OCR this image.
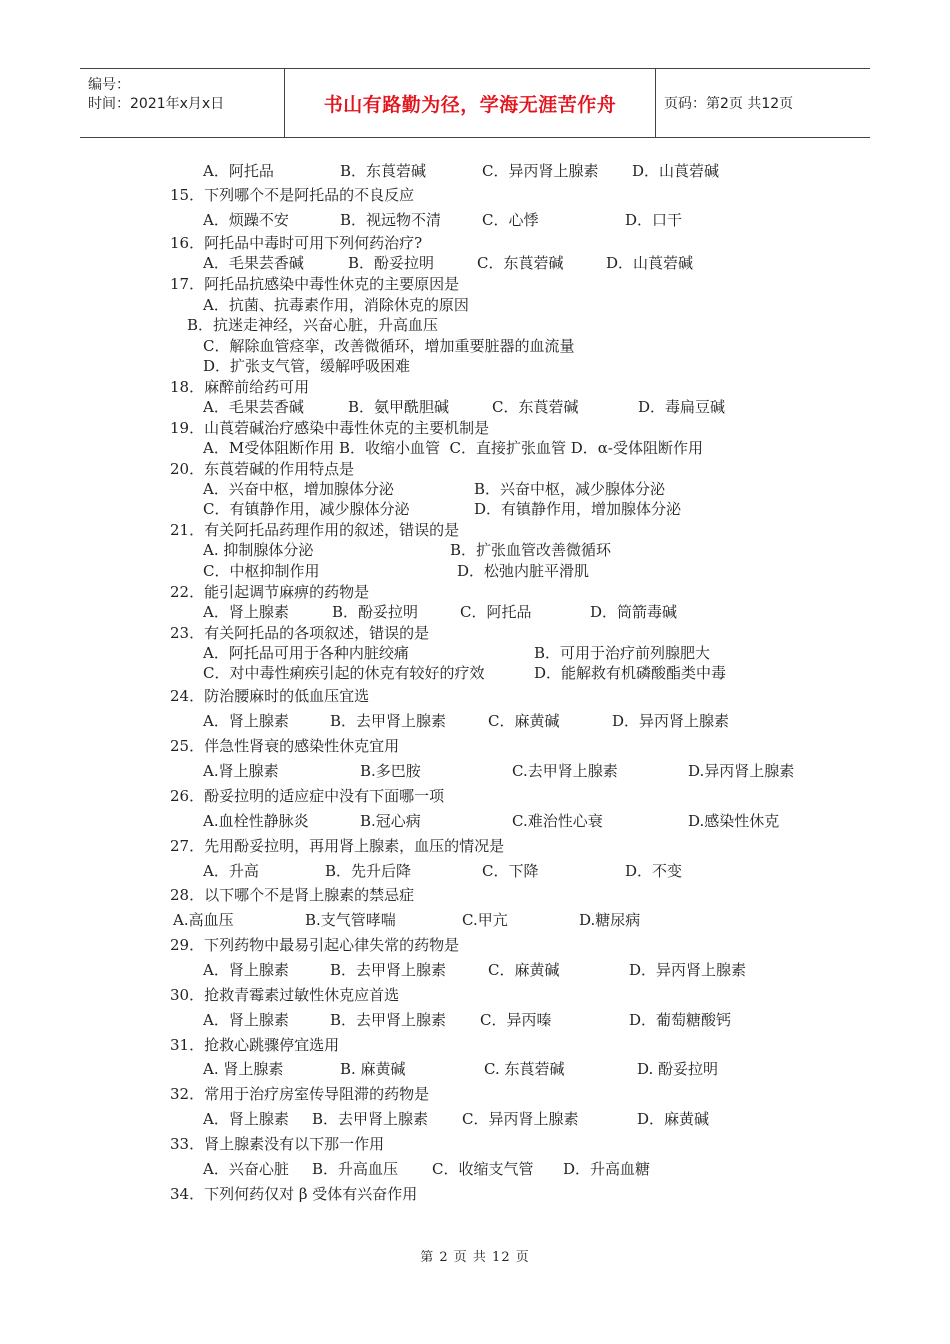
编号：
时间：2021年x月x日	书山有路勤为径，学海无涯苦作舟	页码：第2页 共12页
A．阿托品	B．东莨菪碱	C．异丙肾上腺素 D．山莨菪碱
15．下列哪个不是阿托品的不良反应
A．烦躁不安	B．视远物不清	C．心悸	D．口干
16．阿托品中毒时可用下列何药治疗?
A．毛果芸香碱	B．酚妥拉明	C．东莨菪碱	D．山莨菪碱
17．阿托品抗感染中毒性休克的主要原因是
A．抗菌、抗毒素作用，消除休克的原因
B．抗迷走神经，兴奋心脏，升高血压
C．解除血管痉挛，改善微循环，增加重要脏器的血流量
D．扩张支气管，缓解呼吸困难
18．麻醉前给药可用
A．毛果芸香碱	B．氨甲酰胆碱	C．东莨菪碱	D．毒扁豆碱
19．山莨菪碱治疗感染中毒性休克的主要机制是
A．M受体阻断作用 B．收缩小血管  C．直接扩张血管 D．α-受体阻断作用
20．东莨菪碱的作用特点是
A．兴奋中枢，增加腺体分泌	B．兴奋中枢，减少腺体分泌
C．有镇静作用，减少腺体分泌	D．有镇静作用，增加腺体分泌
21．有关阿托品药理作用的叙述，错误的是
A. 抑制腺体分泌	B．扩张血管改善微循环
C．中枢抑制作用	D．松弛内脏平滑肌
22．能引起调节麻痹的药物是
A．肾上腺素	B．酚妥拉明	C．阿托品	D．筒箭毒碱
23．有关阿托品的各项叙述，错误的是
A．阿托品可用于各种内脏绞痛	B．可用于治疗前列腺肥大
C．对中毒性痢疾引起的休克有较好的疗效	D．能解救有机磷酸酯类中毒
24．防治腰麻时的低血压宜选
A．肾上腺素	B．去甲肾上腺素	C．麻黄碱	D．异丙肾上腺素
25．伴急性肾衰的感染性休克宜用
A.肾上腺素	B.多巴胺	C.去甲肾上腺素	D.异丙肾上腺素
26．酚妥拉明的适应症中没有下面哪一项
A.血栓性静脉炎	B.冠心病	C.难治性心衰	D.感染性休克
27．先用酚妥拉明，再用肾上腺素，血压的情况是
A．升高	B．先升后降	C．下降	D．不变
28．以下哪个不是肾上腺素的禁忌症
A.高血压	B.支气管哮喘	C.甲亢	D.糖尿病
29．下列药物中最易引起心律失常的药物是
A．肾上腺素	B．去甲肾上腺素	C．麻黄碱	D．异丙肾上腺素
30．抢救青霉素过敏性休克应首选
A．肾上腺素	B．去甲肾上腺素 C．异丙嗪	D．葡萄糖酸钙
31．抢救心跳骤停宜选用
A. 肾上腺素	B. 麻黄碱	C. 东莨菪碱	D. 酚妥拉明
32．常用于治疗房室传导阻滞的药物是
A．肾上腺素 B．去甲肾上腺素 C．异丙肾上腺素	D．麻黄碱
33．肾上腺素没有以下那一作用
A．兴奋心脏 B．升高血压 C．收缩支气管 D．升高血糖
34．下列何药仅对 β 受体有兴奋作用
第 2 页 共 12 页
